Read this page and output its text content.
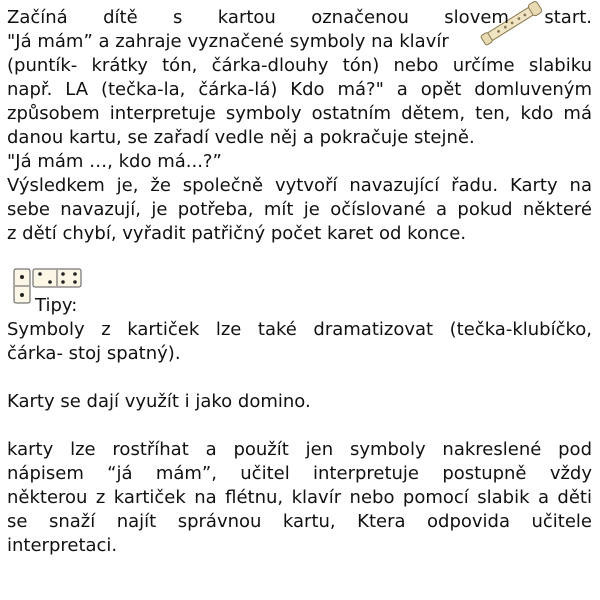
Začíná dítě s kartou označenou slovem start.
"Já mám” a zahraje vyznačené symboly na klavír
(puntík- krátky tón, čárka-dlouhy tón) nebo určíme slabiku
např. LA (tečka-la, čárka-lá) Kdo má?" a opět domluveným
způsobem interpretuje symboly ostatním dětem, ten, kdo má
danou kartu, se zařadí vedle něj a pokračuje stejně.
"Já mám …, kdo má...?”
Výsledkem je, že společně vytvoří navazující řadu. Karty na
sebe navazují, je potřeba, mít je očíslované a pokud některé
z dětí chybí, vyřadit patřičný počet karet od konce.
Tipy:
Symboly z kartiček lze také dramatizovat (tečka-klubíčko,
čárka- stoj spatný).
Karty se dají využít i jako domino.
karty lze rostříhat a použít jen symboly nakreslené pod
nápisem “já mám”, učitel interpretuje postupně vždy
některou z kartiček na flétnu, klavír nebo pomocí slabik a děti
se snaží najít správnou kartu, Ktera odpovida učitele
interpretaci.
